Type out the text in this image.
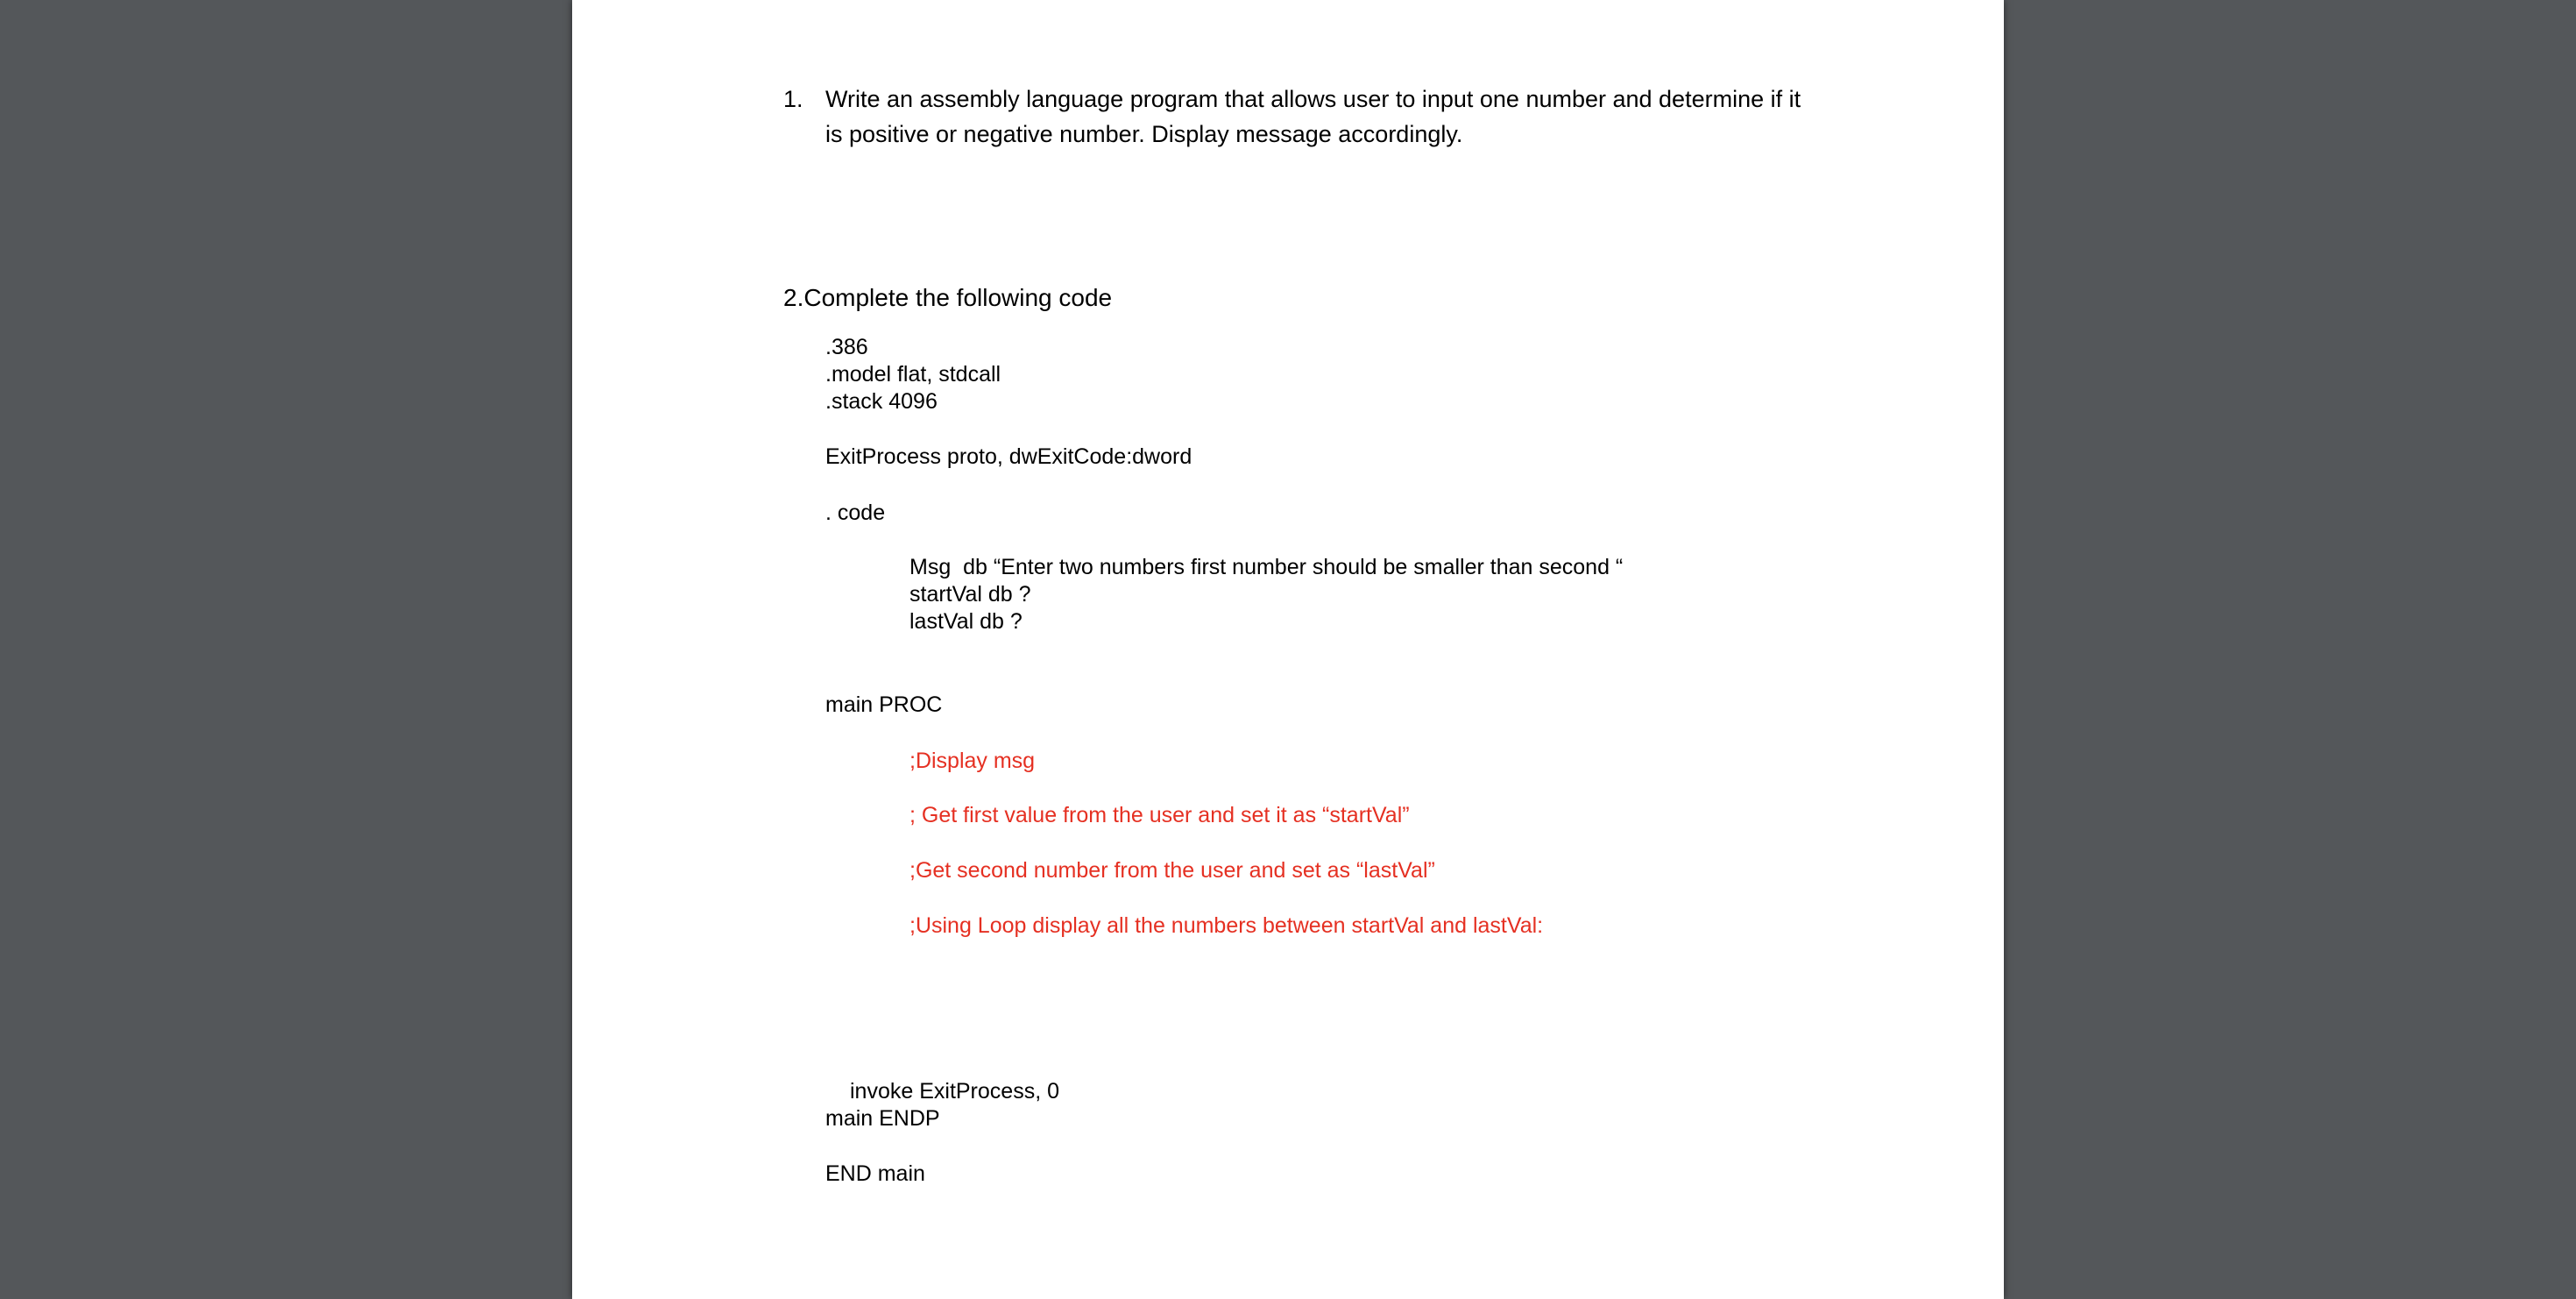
1. Write an assembly language program that allows user to input one number and determine if it
is positive or negative number. Display message accordingly.
2.Complete the following code
.386
.model flat, stdcall
.stack 4096
ExitProcess proto, dwExitCode:dword
. code
Msg  db “Enter two numbers first number should be smaller than second “
startVal db ?
lastVal db ?
main PROC
;Display msg
; Get first value from the user and set it as “startVal”
;Get second number from the user and set as “lastVal”
;Using Loop display all the numbers between startVal and lastVal:
invoke ExitProcess, 0
main ENDP
END main
